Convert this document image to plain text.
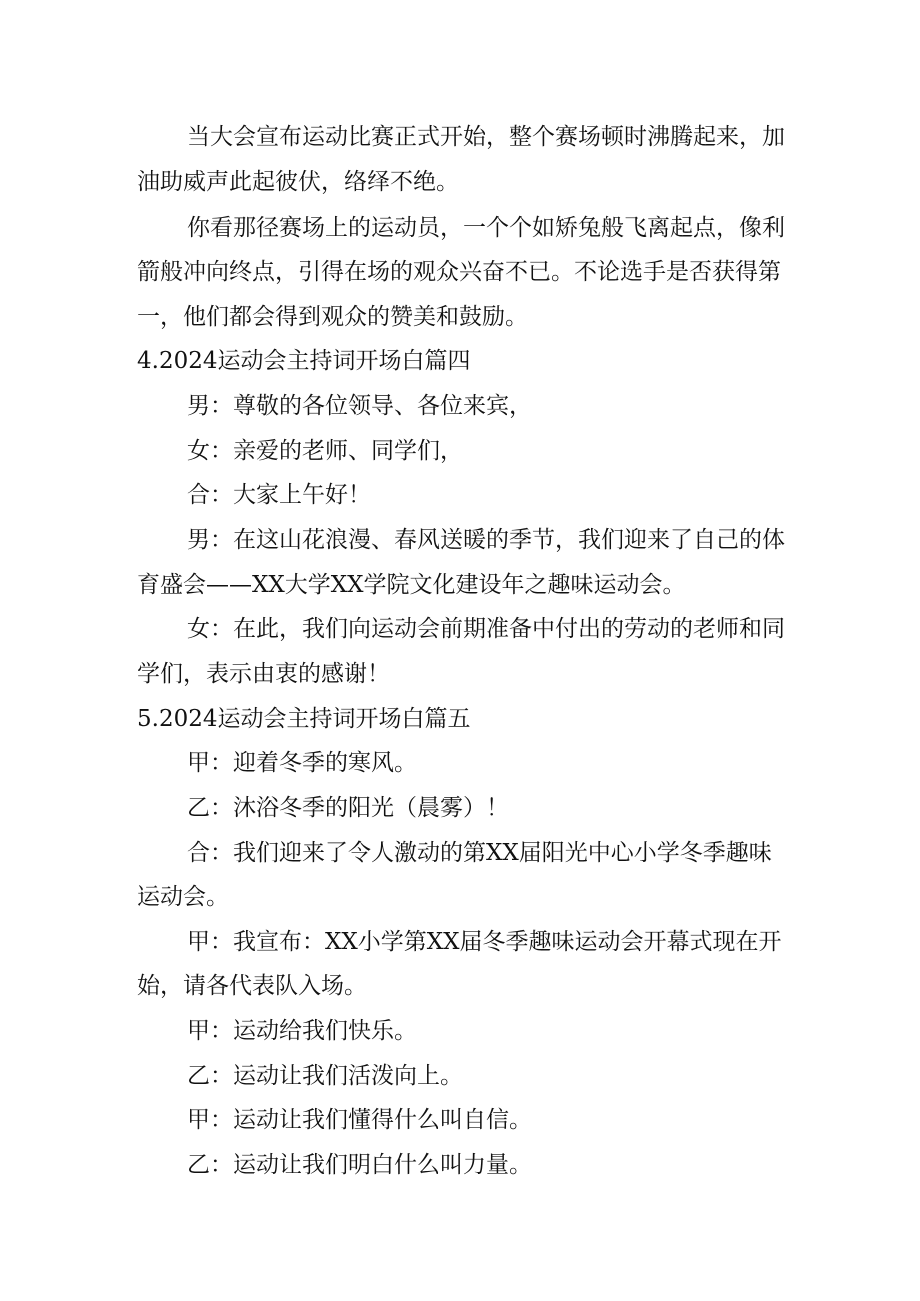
当大会宣布运动比赛正式开始，整个赛场顿时沸腾起来，加
油助威声此起彼伏，络绎不绝。
你看那径赛场上的运动员，一个个如矫兔般飞离起点，像利
箭般冲向终点，引得在场的观众兴奋不已。不论选手是否获得第
一，他们都会得到观众的赞美和鼓励。
4.2024运动会主持词开场白篇四
男：尊敬的各位领导、各位来宾，
女：亲爱的老师、同学们，
合：大家上午好！
男：在这山花浪漫、春风送暖的季节，我们迎来了自己的体
育盛会——XX大学XX学院文化建设年之趣味运动会。
女：在此，我们向运动会前期准备中付出的劳动的老师和同
学们，表示由衷的感谢！
5.2024运动会主持词开场白篇五
甲：迎着冬季的寒风。
乙：沐浴冬季的阳光（晨雾）！
合：我们迎来了令人激动的第XX届阳光中心小学冬季趣味
运动会。
甲：我宣布：XX小学第XX届冬季趣味运动会开幕式现在开
始，请各代表队入场。
甲：运动给我们快乐。
乙：运动让我们活泼向上。
甲：运动让我们懂得什么叫自信。
乙：运动让我们明白什么叫力量。
